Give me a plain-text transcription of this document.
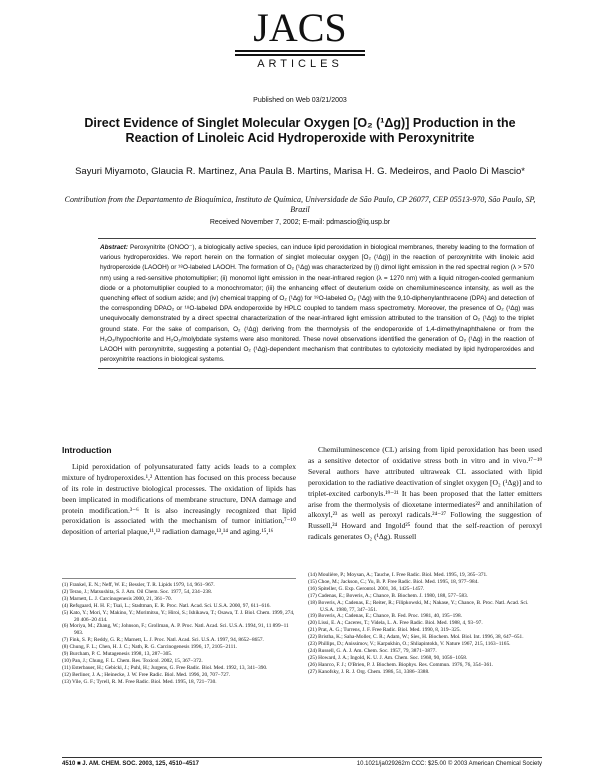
JACS
ARTICLES
Published on Web 03/21/2003
Direct Evidence of Singlet Molecular Oxygen [O₂ (¹Δg)] Production in the Reaction of Linoleic Acid Hydroperoxide with Peroxynitrite
Sayuri Miyamoto, Glaucia R. Martinez, Ana Paula B. Martins, Marisa H. G. Medeiros, and Paolo Di Mascio*
Contribution from the Departamento de Bioquímica, Instituto de Química, Universidade de São Paulo, CP 26077, CEP 05513-970, São Paulo, SP, Brazil
Received November 7, 2002; E-mail: pdmascio@iq.usp.br
Abstract: Peroxynitrite (ONOO⁻), a biologically active species, can induce lipid peroxidation in biological membranes, thereby leading to the formation of various hydroperoxides. We report herein on the formation of singlet molecular oxygen [O₂ (¹Δg)] in the reaction of peroxynitrite with linoleic acid hydroperoxide (LAOOH) or ¹⁸O-labeled LAOOH. The formation of O₂ (¹Δg) was characterized by (i) dimol light emission in the red spectral region (λ > 570 nm) using a red-sensitive photomultiplier; (ii) monomol light emission in the near-infrared region (λ = 1270 nm) with a liquid nitrogen-cooled germanium diode or a photomultiplier coupled to a monochromator; (iii) the enhancing effect of deuterium oxide on chemiluminescence intensity, as well as the quenching effect of sodium azide; and (iv) chemical trapping of O₂ (¹Δg) for ¹⁸O-labeled O₂ (¹Δg) with the 9,10-diphenylanthracene (DPA) and detection of the corresponding DPAO₂ or ¹⁸O-labeled DPA endoperoxide by HPLC coupled to tandem mass spectrometry. Moreover, the presence of O₂ (¹Δg) was unequivocally demonstrated by a direct spectral characterization of the near-infrared light emission attributed to the transition of O₂ (¹Δg) to the triplet ground state. For the sake of comparison, O₂ (¹Δg) deriving from the thermolysis of the endoperoxide of 1,4-dimethylnaphthalene or from the H₂O₂/hypochlorite and H₂O₂/molybdate systems were also monitored. These novel observations identified the generation of O₂ (¹Δg) in the reaction of LAOOH with peroxynitrite, suggesting a potential O₂ (¹Δg)-dependent mechanism that contributes to cytotoxicity mediated by lipid hydroperoxides and peroxynitrite reactions in biological systems.
Introduction

Lipid peroxidation of polyunsaturated fatty acids leads to a complex mixture of hydroperoxides.¹,² Attention has focused on this process because of its role in destructive biological processes. The oxidation of lipids has been implicated in modifications of membrane structure, DNA damage and protein modification.³⁻⁶ It is also increasingly recognized that lipid peroxidation is associated with the mechanism of tumor initiation,⁷⁻¹⁰ deposition of arterial plaque,¹¹,¹² radiation damage,¹³,¹⁴ and aging.¹⁵,¹⁶

Chemiluminescence (CL) arising from lipid peroxidation has been used as a sensitive detector of oxidative stress both in vitro and in vivo.¹⁷⁻¹⁹ Several authors have attributed ultraweak CL associated with lipid peroxidation to the radiative deactivation of singlet oxygen [O₂ (¹Δg)] and to triplet-excited carbonyls.¹⁹⁻²¹ It has been proposed that the latter emitters arise from the thermolysis of dioxetane intermediates²² and annihilation of alkoxyl,²³ as well as peroxyl radicals.²⁴⁻²⁷ Following the suggestion of Russell,²⁴ Howard and Ingold²⁵ found that the self-reaction of peroxyl radicals generates O₂ (¹Δg). Russell

(1) Frankel, E. N.; Neff, W. E.; Bessler, T. R. Lipids 1979, 14, 961−967.
(2) Terao, J.; Matsushita, S. J. Am. Oil Chem. Soc. 1977, 54, 234−238.
(3) Marnett, L. J. Carcinogenesis 2000, 21, 361−70.
(4) Refsgaard, H. H. F.; Tsai, L.; Stadtman, E. R. Proc. Natl. Acad. Sci. U.S.A. 2000, 97, 611−616.
(5) Kato, Y.; Mori, Y.; Makino, Y.; Morimitsu, Y.; Hiroi, S.; Ishikawa, T.; Osawa, T. J. Biol. Chem. 1999, 274, 20 406−20 414.
(6) Moriya, M.; Zhang, W.; Johnson, F.; Grollman, A. P. Proc. Natl. Acad. Sci. U.S.A. 1994, 91, 11 899−11 903.
(7) Fink, S. P.; Reddy, G. R.; Marnett, L. J. Proc. Natl. Acad. Sci. U.S.A. 1997, 94, 8652−8657.
(8) Chung, F. L.; Chen, H. J. C.; Nath, R. G. Carcinogenesis 1996, 17, 2105−2111.
(9) Burcham, P. C. Mutagenesis 1998, 13, 287−305.
(10) Pan, J.; Chung, F. L. Chem. Res. Toxicol. 2002, 15, 367−372.
(11) Esterbauer, H.; Gebicki, J.; Puhl, H.; Jurgens, G. Free Radic. Biol. Med. 1992, 13, 341−390.
(12) Berliner, J. A.; Heinecke, J. W. Free Radic. Biol. Med. 1996, 20, 707−727.
(13) Vile, G. F.; Tyrell, R. M. Free Radic. Biol. Med. 1995, 18, 721−730.
(14) Moulière, P.; Moysan, A.; Tauche, I. Free Radic. Biol. Med. 1995, 19, 365−371.
(15) Choe, M.; Jackson, C.; Yu, B. P. Free Radic. Biol. Med. 1995, 18, 977−984.
(16) Spiteller, G. Exp. Gerontol. 2001, 36, 1425−1457.
(17) Cadenas, E.; Boveris, A.; Chance, B. Biochem. J. 1980, 188, 577−583.
(18) Boveris, A.; Cadenas, E.; Reiter, R.; Filipkowski, M.; Nakase, Y.; Chance, B. Proc. Natl. Acad. Sci. U.S.A. 1980, 77, 347−351.
(19) Boveris, A.; Cadenas, E.; Chance, B. Fed. Proc. 1981, 40, 195−198.
(20) Lissi, E. A.; Caceres, T.; Videla, L. A. Free Radic. Biol. Med. 1988, 4, 93−97.
(21) Prat, A. G.; Turrens, J. F. Free Radic. Biol. Med. 1990, 8, 319−325.
(22) Bristha, K.; Saha-Moller, C. R.; Adam, W.; Sies, H. Biochem. Mol. Biol. Int. 1996, 38, 647−651.
(23) Phillips, D.; Anissimov, V.; Karpukhin, O.; Shliapintokh, V. Nature 1967, 215, 1163−1165.
(24) Russell, G. A. J. Am. Chem. Soc. 1957, 79, 3871−3877.
(25) Howard, J. A.; Ingold, K. U. J. Am. Chem. Soc. 1968, 90, 1056−1058.
(26) Hanrco, F. J.; O'Brien, P. J. Biochem. Biophys. Res. Commun. 1976, 76, 354−361.
(27) Kanofsky, J. R. J. Org. Chem. 1986, 51, 3386−3388.
4510 ■ J. AM. CHEM. SOC. 2003, 125, 4510−4517	10.1021/ja029262m CCC: $25.00 © 2003 American Chemical Society
